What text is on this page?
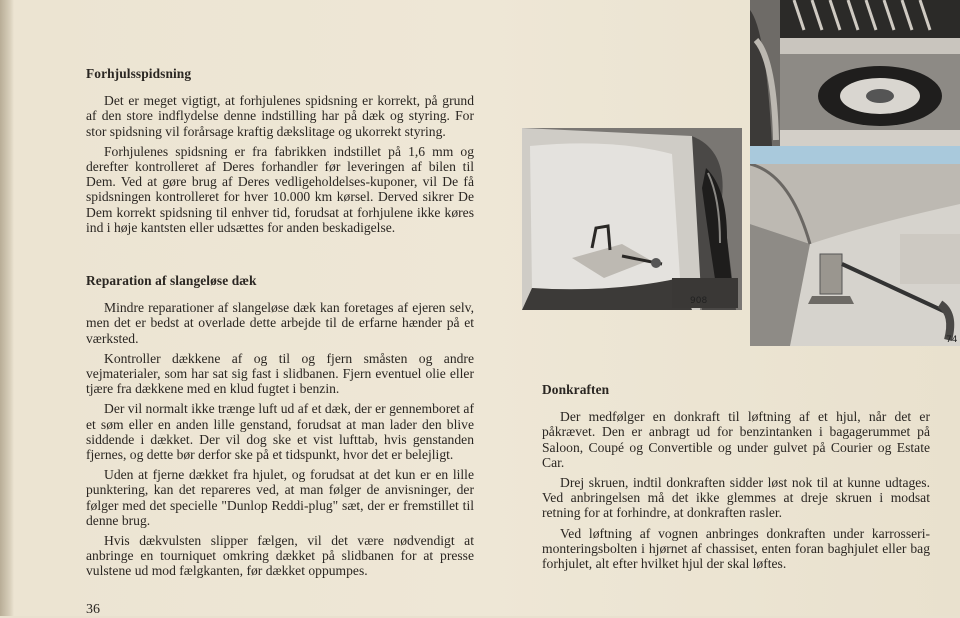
Forhjulsspidsning

Det er meget vigtigt, at forhjulenes spidsning er korrekt, på grund af den store indflydelse denne indstilling har på dæk og styring. For stor spidsning vil forårsage kraftig dækslitage og ukorrekt styring.

Forhjulenes spidsning er fra fabrikken indstillet på 1,6 mm og derefter kontrolleret af Deres forhandler før leveringen af bilen til Dem. Ved at gøre brug af Deres vedligeholdelses-kuponer, vil De få spidsningen kontrolleret for hver 10.000 km kørsel. Derved sikrer De Dem korrekt spidsning til enhver tid, forudsat at forhjulene ikke køres ind i høje kantsten eller udsættes for anden beskadigelse.

Reparation af slangeløse dæk

Mindre reparationer af slangeløse dæk kan foretages af ejeren selv, men det er bedst at overlade dette arbejde til de erfarne hænder på et værksted.

Kontroller dækkene af og til og fjern småsten og andre vejmaterialer, som har sat sig fast i slidbanen. Fjern eventuel olie eller tjære fra dækkene med en klud fugtet i benzin.

Der vil normalt ikke trænge luft ud af et dæk, der er gennemboret af et søm eller en anden lille genstand, forudsat at man lader den blive siddende i dækket. Der vil dog ske et vist lufttab, hvis genstanden fjernes, og dette bør derfor ske på et tidspunkt, hvor det er belejligt.

Uden at fjerne dækket fra hjulet, og forudsat at det kun er en lille punktering, kan det repareres ved, at man følger de anvisninger, der følger med det specielle "Dunlop Reddi-plug" sæt, der er fremstillet til denne brug.

Hvis dækvulsten slipper fælgen, vil det være nødvendigt at anbringe en tourniquet omkring dækket på slidbanen for at presse vulstene ud mod fælgkanten, før dækket oppumpes.

36
908
74
Donkraften

Der medfølger en donkraft til løftning af et hjul, når det er påkrævet. Den er anbragt ud for benzintanken i bagagerummet på Saloon, Coupé og Convertible og under gulvet på Courier og Estate Car.

Drej skruen, indtil donkraften sidder løst nok til at kunne udtages. Ved anbringelsen må det ikke glemmes at dreje skruen i modsat retning for at forhindre, at donkraften rasler.

Ved løftning af vognen anbringes donkraften under karrosseri-monteringsbolten i hjørnet af chassiset, enten foran baghjulet eller bag forhjulet, alt efter hvilket hjul der skal løftes.
